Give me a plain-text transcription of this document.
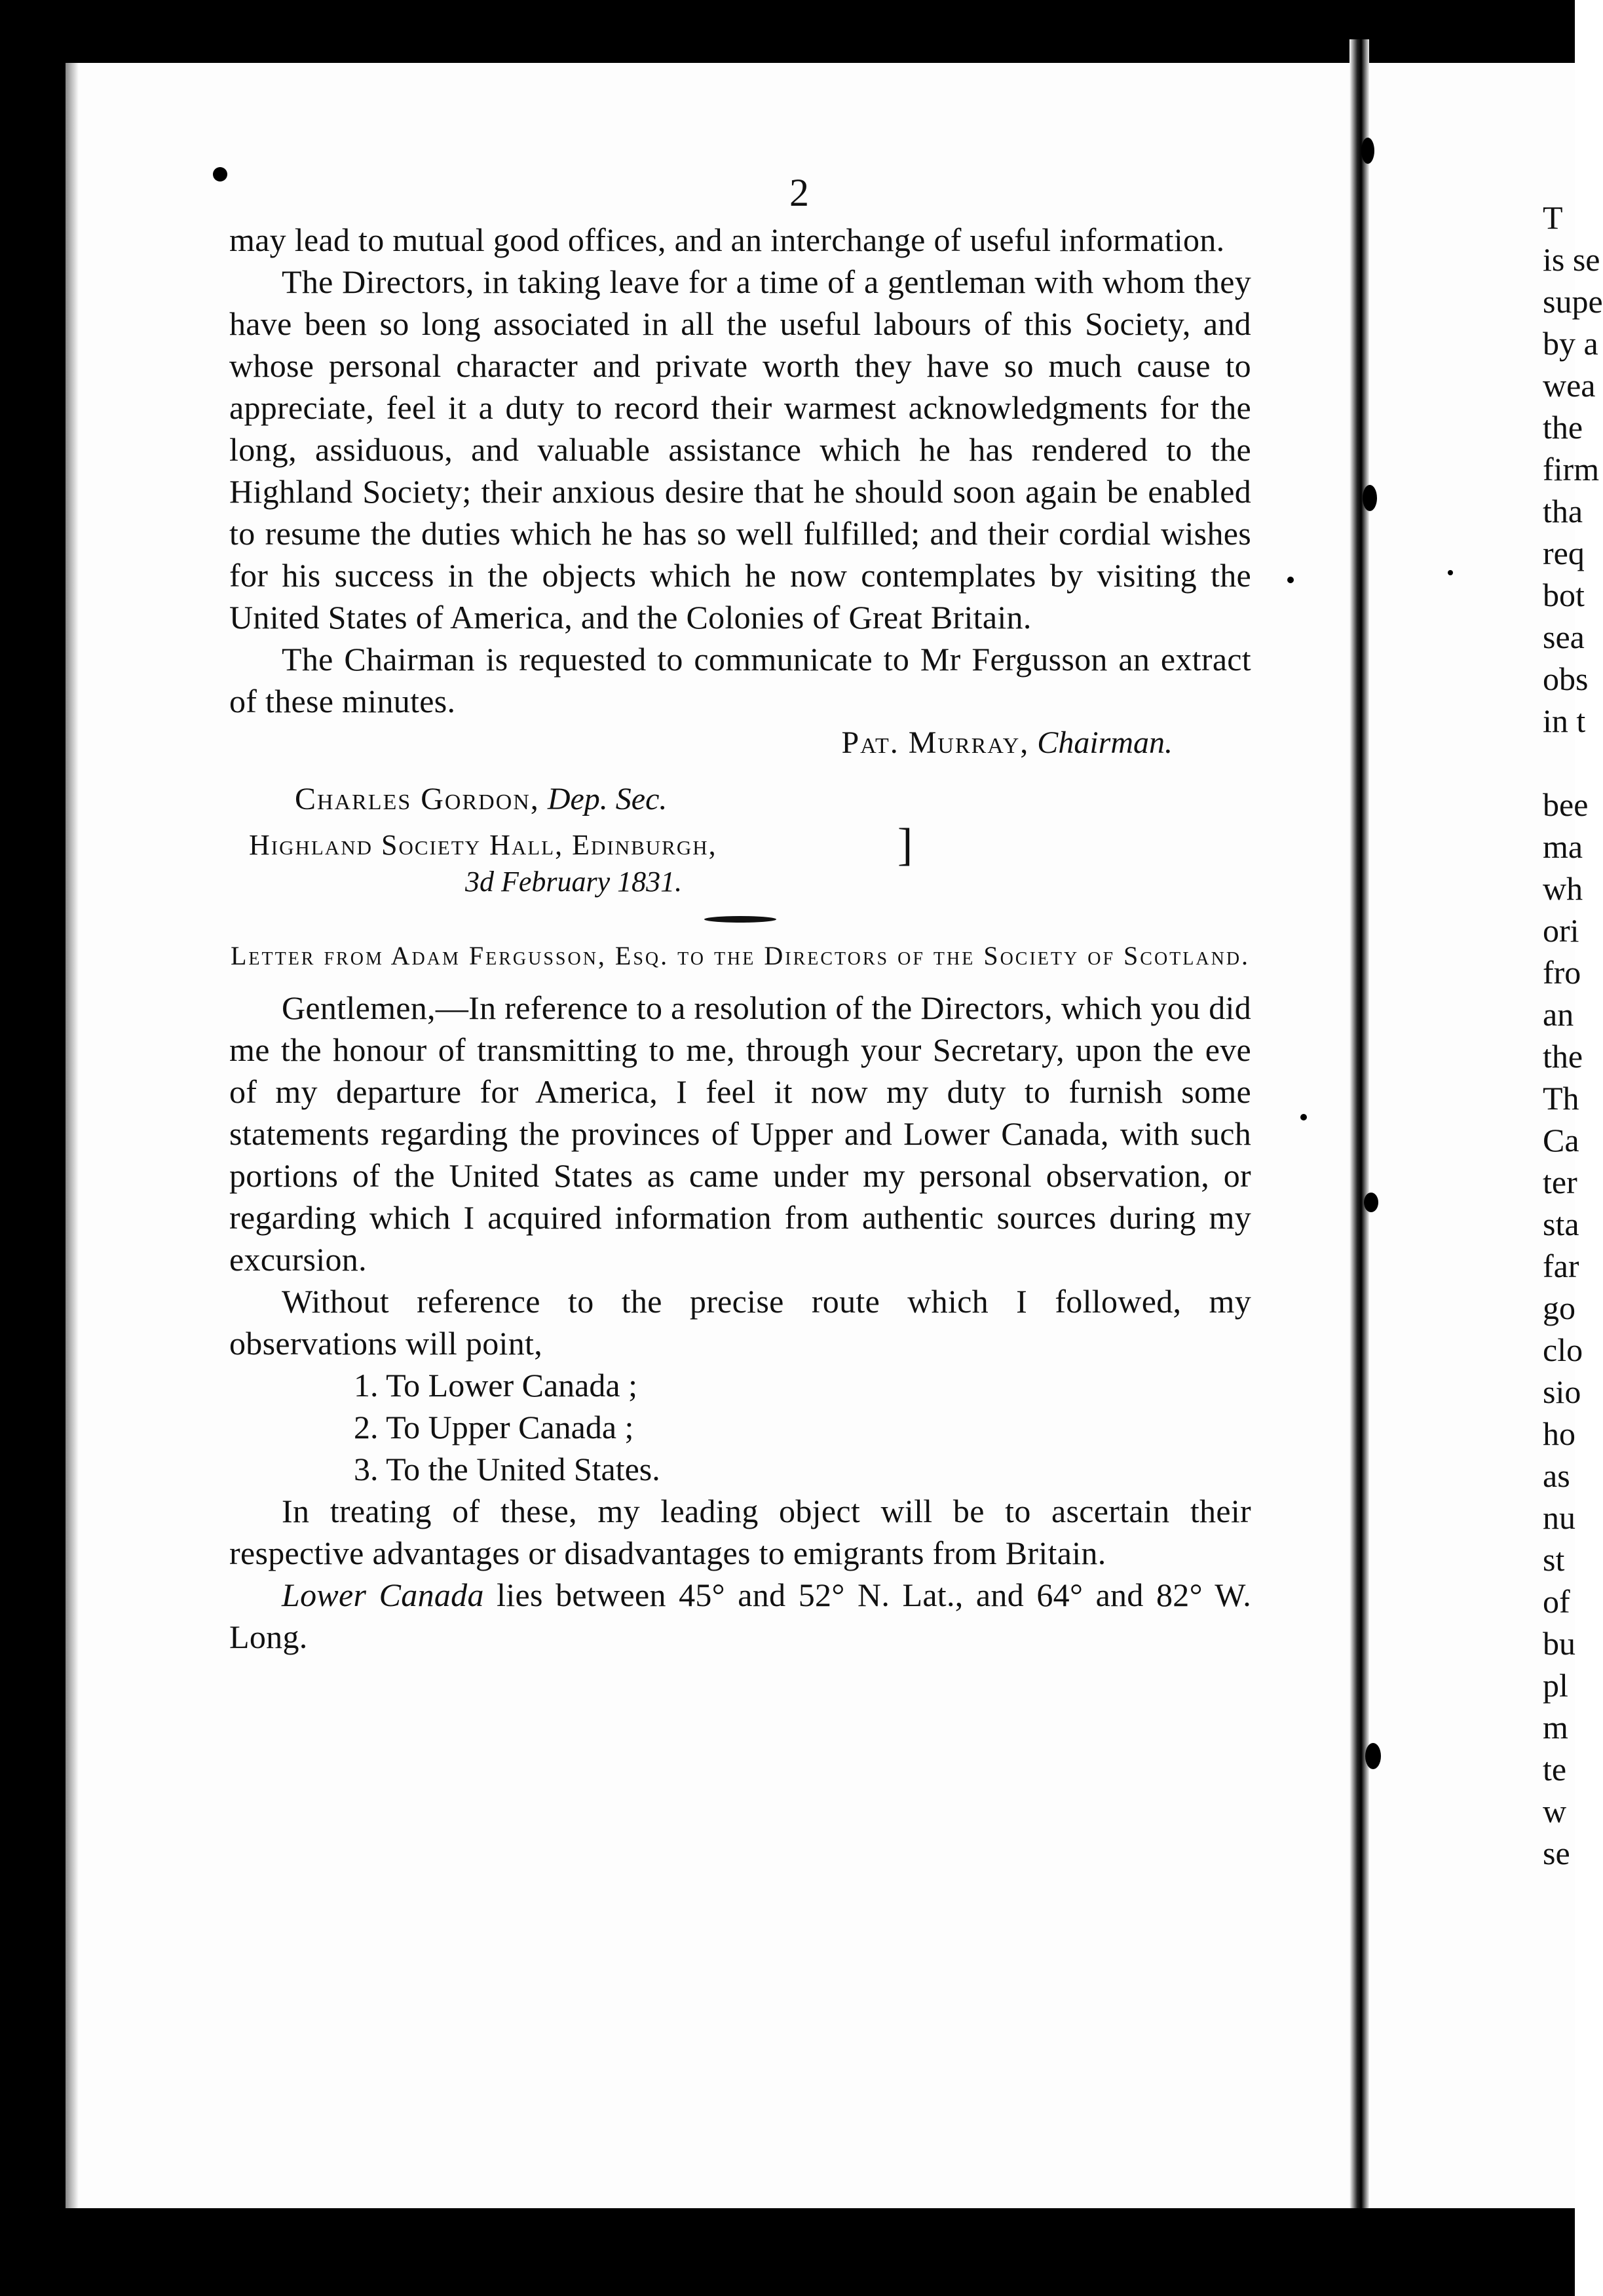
T
is se
supe
by a
wea
the
firm
tha
req
bot
sea
obs
in t

bee
ma
wh
ori
fro
an
the
Th
Ca
ter
sta
far
go
clo
sio
ho
as
nu
st
of
bu
pl
m
te
w
se
2

may lead to mutual good offices, and an interchange of useful information.

The Directors, in taking leave for a time of a gentleman with whom they have been so long associated in all the useful labours of this Society, and whose personal character and private worth they have so much cause to appreciate, feel it a duty to record their warmest acknowledgments for the long, assiduous, and valuable assistance which he has rendered to the Highland Society; their anxious desire that he should soon again be enabled to resume the duties which he has so well fulfilled; and their cordial wishes for his success in the objects which he now contemplates by visiting the United States of America, and the Colonies of Great Britain.

The Chairman is requested to communicate to Mr Fergusson an extract of these minutes.

Pat. Murray, Chairman.
Charles Gordon, Dep. Sec.
Highland Society Hall, Edinburgh,
3d February 1831.
]
Letter from Adam Fergusson, Esq. to the Directors of the Society of Scotland.

Gentlemen,—In reference to a resolution of the Directors, which you did me the honour of transmitting to me, through your Secretary, upon the eve of my departure for America, I feel it now my duty to furnish some statements regarding the provinces of Upper and Lower Canada, with such portions of the United States as came under my personal observation, or regarding which I acquired information from authentic sources during my excursion.

Without reference to the precise route which I followed, my observations will point,

1. To Lower Canada ;
2. To Upper Canada ;
3. To the United States.

In treating of these, my leading object will be to ascertain their respective advantages or disadvantages to emigrants from Britain.

Lower Canada lies between 45° and 52° N. Lat., and 64° and 82° W. Long.
